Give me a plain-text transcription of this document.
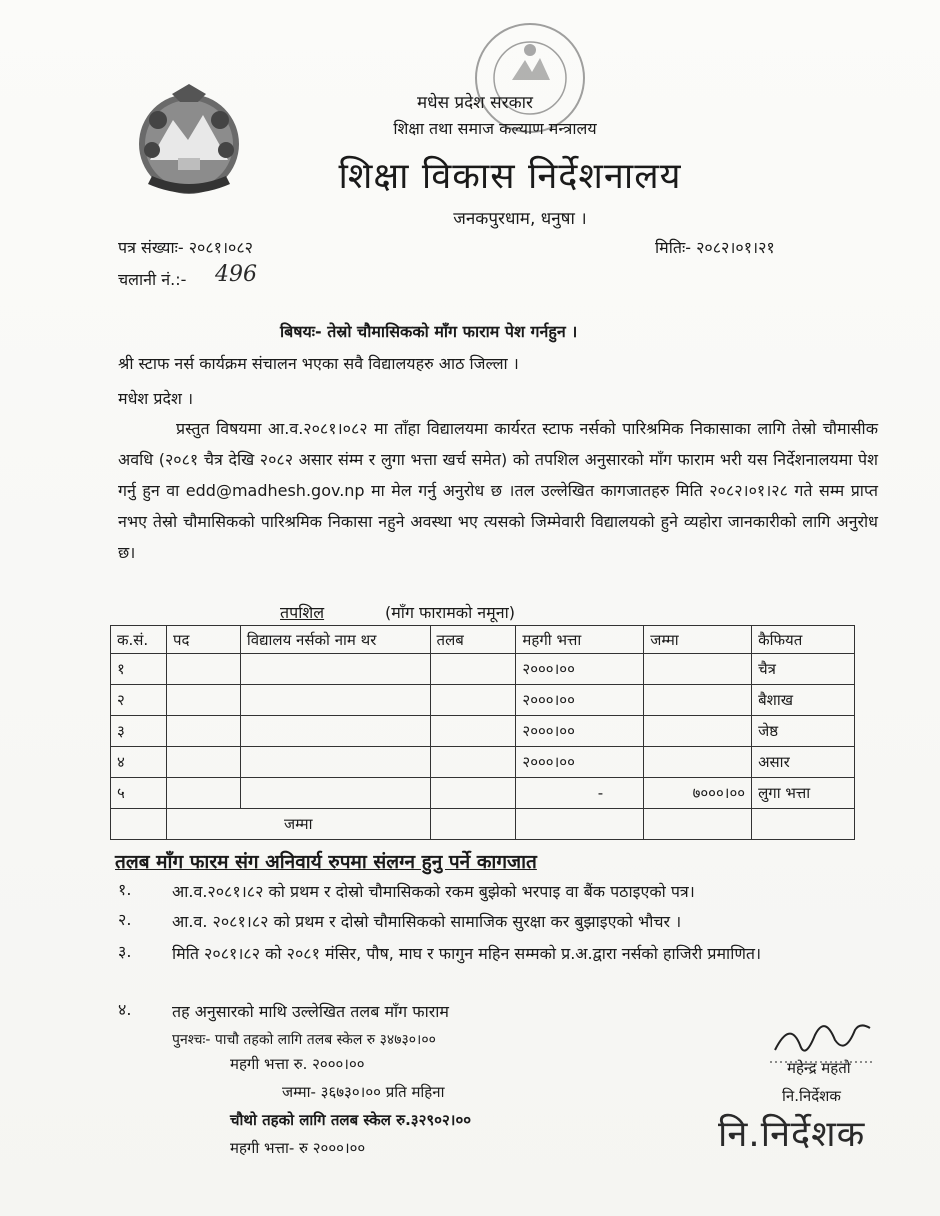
मधेस प्रदेश सरकार
शिक्षा तथा समाज कल्याण मन्त्रालय
शिक्षा विकास निर्देशनालय
जनकपुरधाम, धनुषा ।
पत्र संख्याः- २०८१।०८२	मितिः- २०८२।०१।२१
चलानी नं.:- 496
बिषयः- तेस्रो चौमासिकको माँग फाराम पेश गर्नहुन ।
श्री स्टाफ नर्स कार्यक्रम संचालन भएका सवै विद्यालयहरु आठ जिल्ला ।
मधेश प्रदेश ।
प्रस्तुत विषयमा आ.व.२०८१।०८२ मा ताँहा विद्यालयमा कार्यरत स्टाफ नर्सको पारिश्रमिक निकासाका लागि तेस्रो चौमासीक अवधि (२०८१ चैत्र देखि २०८२ असार संम्म र लुगा भत्ता खर्च समेत) को तपशिल अनुसारको माँग फाराम भरी यस निर्देशनालयमा पेश गर्नु हुन वा edd@madhesh.gov.np मा मेल गर्नु अनुरोध छ ।तल उल्लेखित कागजातहरु मिति २०८२।०१।२८ गते सम्म प्राप्त नभए तेस्रो चौमासिकको पारिश्रमिक निकासा नहुने अवस्था भए त्यसको जिम्मेवारी विद्यालयको हुने व्यहोरा जानकारीको लागि अनुरोध छ।
तपशिल	(माँग फारामको नमूना)
क.सं.	पद	विद्यालय नर्सको नाम थर	तलब	महगी भत्ता	जम्मा	कैफियत
१				२०००।००		चैत्र
२				२०००।००		बैशाख
३				२०००।००		जेष्ठ
४				२०००।००		असार
५				-	७०००।००	लुगा भत्ता
	जम्मा					
तलब माँग फारम संग अनिवार्य रुपमा संलग्न हुनु पर्ने कागजात
१.	आ.व.२०८१।८२ को प्रथम र दोस्रो चौमासिकको रकम बुझेको भरपाइ वा बैंक पठाइएको पत्र।
२.	आ.व. २०८१।८२ को प्रथम र दोस्रो चौमासिकको सामाजिक सुरक्षा कर बुझाइएको भौचर ।
३.	मिति २०८१।८२ को २०८१ मंसिर, पौष, माघ र फागुन महिन सम्मको प्र.अ.द्वारा नर्सको हाजिरी प्रमाणित।
४.	तह अनुसारको माथि उल्लेखित तलब माँग फाराम
पुनश्चः- पाचौ तहको लागि तलब स्केल रु ३४७३०।००
महगी भत्ता रु. २०००।००
जम्मा- ३६७३०।०० प्रति महिना
चौथो तहको लागि तलब स्केल रु.३२९०२।००
महगी भत्ता- रु २०००।००
महेन्द्र महतो
नि.निर्देशक
नि.निर्देशक
